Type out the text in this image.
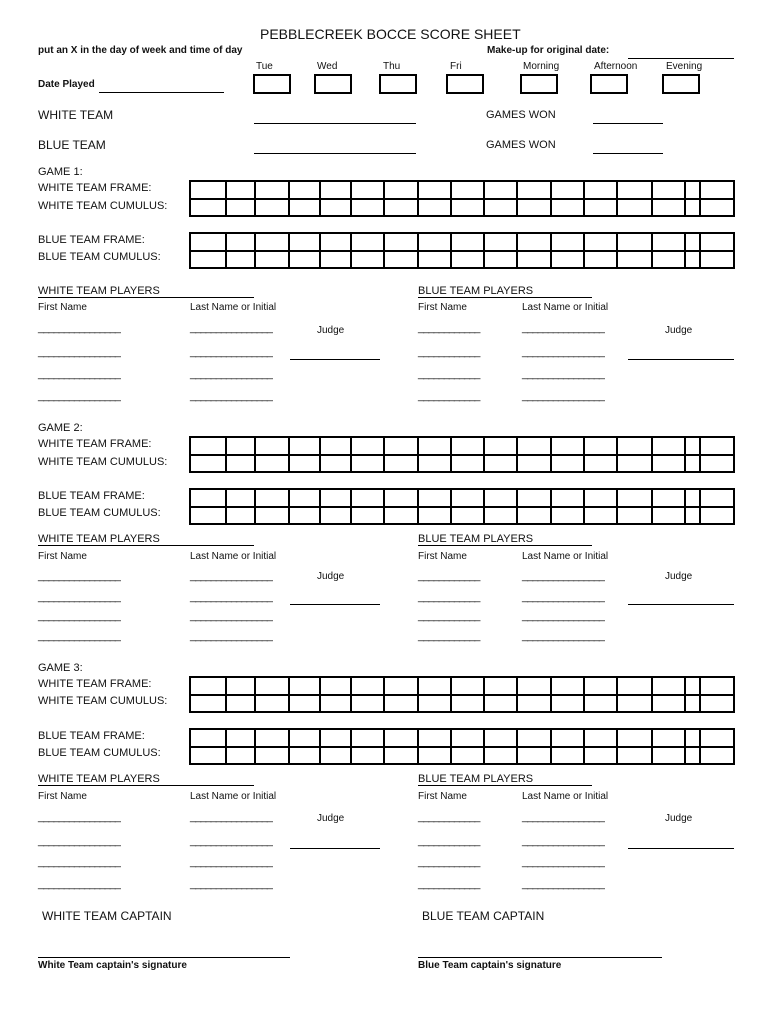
PEBBLECREEK BOCCE SCORE SHEET
put an X in the day of week and time of day	Make-up for original date:
Tue	Wed	Thu	Fri	Morning	Afternoon	Evening
Date Played
WHITE TEAM	GAMES WON
BLUE TEAM	GAMES WON
GAME 1:
WHITE TEAM FRAME:
WHITE TEAM CUMULUS:
BLUE TEAM FRAME:
BLUE TEAM CUMULUS:
WHITE TEAM PLAYERS	BLUE TEAM PLAYERS
First Name	Last Name or Initial	First Name	Last Name or Initial
Judge	Judge
________________	________________	____________	________________
________________	________________	____________	________________
________________	________________	____________	________________
________________	________________	____________	________________
GAME 2:
WHITE TEAM FRAME:
WHITE TEAM CUMULUS:
BLUE TEAM FRAME:
BLUE TEAM CUMULUS:
WHITE TEAM PLAYERS	BLUE TEAM PLAYERS
First Name	Last Name or Initial	First Name	Last Name or Initial
Judge	Judge
________________	________________	____________	________________
________________	________________	____________	________________
________________	________________	____________	________________
________________	________________	____________	________________
GAME 3:
WHITE TEAM FRAME:
WHITE TEAM CUMULUS:
BLUE TEAM FRAME:
BLUE TEAM CUMULUS:
WHITE TEAM PLAYERS	BLUE TEAM PLAYERS
First Name	Last Name or Initial	First Name	Last Name or Initial
Judge	Judge
________________	________________	____________	________________
________________	________________	____________	________________
________________	________________	____________	________________
________________	________________	____________	________________
WHITE TEAM CAPTAIN	BLUE TEAM CAPTAIN
White Team captain's signature	Blue Team captain's signature
